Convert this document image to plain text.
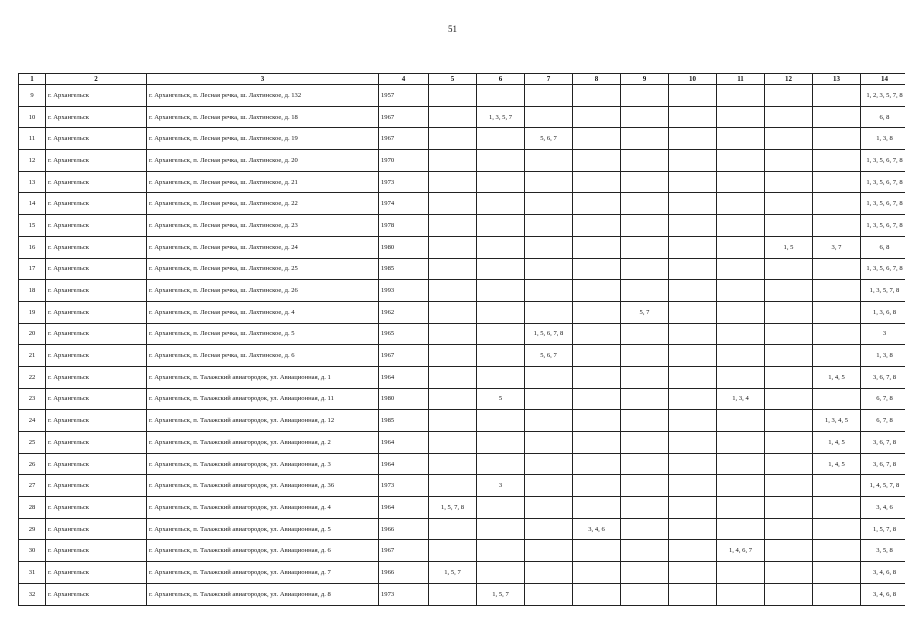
51
1	2	3	4	5	6	7	8	9	10	11	12	13	14
9	г. Архангельск	г. Архангельск, п. Лесная речка, ш. Лахтинское, д. 132	1957										1, 2, 3, 5, 7, 8
10	г. Архангельск	г. Архангельск, п. Лесная речка, ш. Лахтинское, д. 18	1967		1, 3, 5, 7								6, 8
11	г. Архангельск	г. Архангельск, п. Лесная речка, ш. Лахтинское, д. 19	1967			5, 6, 7							1, 3, 8
12	г. Архангельск	г. Архангельск, п. Лесная речка, ш. Лахтинское, д. 20	1970										1, 3, 5, 6, 7, 8
13	г. Архангельск	г. Архангельск, п. Лесная речка, ш. Лахтинское, д. 21	1973										1, 3, 5, 6, 7, 8
14	г. Архангельск	г. Архангельск, п. Лесная речка, ш. Лахтинское, д. 22	1974										1, 3, 5, 6, 7, 8
15	г. Архангельск	г. Архангельск, п. Лесная речка, ш. Лахтинское, д. 23	1978										1, 3, 5, 6, 7, 8
16	г. Архангельск	г. Архангельск, п. Лесная речка, ш. Лахтинское, д. 24	1980								1, 5	3, 7	6, 8
17	г. Архангельск	г. Архангельск, п. Лесная речка, ш. Лахтинское, д. 25	1985										1, 3, 5, 6, 7, 8
18	г. Архангельск	г. Архангельск, п. Лесная речка, ш. Лахтинское, д. 26	1993										1, 3, 5, 7, 8
19	г. Архангельск	г. Архангельск, п. Лесная речка, ш. Лахтинское, д. 4	1962					5, 7					1, 3, 6, 8
20	г. Архангельск	г. Архангельск, п. Лесная речка, ш. Лахтинское, д. 5	1965			1, 5, 6, 7, 8							3
21	г. Архангельск	г. Архангельск, п. Лесная речка, ш. Лахтинское, д. 6	1967			5, 6, 7							1, 3, 8
22	г. Архангельск	г. Архангельск, п. Талажский авиагородок, ул. Авиационная, д. 1	1964									1, 4, 5	3, 6, 7, 8
23	г. Архангельск	г. Архангельск, п. Талажский авиагородок, ул. Авиационная, д. 11	1980		5					1, 3, 4			6, 7, 8
24	г. Архангельск	г. Архангельск, п. Талажский авиагородок, ул. Авиационная, д. 12	1985									1, 3, 4, 5	6, 7, 8
25	г. Архангельск	г. Архангельск, п. Талажский авиагородок, ул. Авиационная, д. 2	1964									1, 4, 5	3, 6, 7, 8
26	г. Архангельск	г. Архангельск, п. Талажский авиагородок, ул. Авиационная, д. 3	1964									1, 4, 5	3, 6, 7, 8
27	г. Архангельск	г. Архангельск, п. Талажский авиагородок, ул. Авиационная, д. 36	1973		3								1, 4, 5, 7, 8
28	г. Архангельск	г. Архангельск, п. Талажский авиагородок, ул. Авиационная, д. 4	1964	1, 5, 7, 8									3, 4, 6
29	г. Архангельск	г. Архангельск, п. Талажский авиагородок, ул. Авиационная, д. 5	1966				3, 4, 6						1, 5, 7, 8
30	г. Архангельск	г. Архангельск, п. Талажский авиагородок, ул. Авиационная, д. 6	1967							1, 4, 6, 7			3, 5, 8
31	г. Архангельск	г. Архангельск, п. Талажский авиагородок, ул. Авиационная, д. 7	1966	1, 5, 7									3, 4, 6, 8
32	г. Архангельск	г. Архангельск, п. Талажский авиагородок, ул. Авиационная, д. 8	1973		1, 5, 7								3, 4, 6, 8
